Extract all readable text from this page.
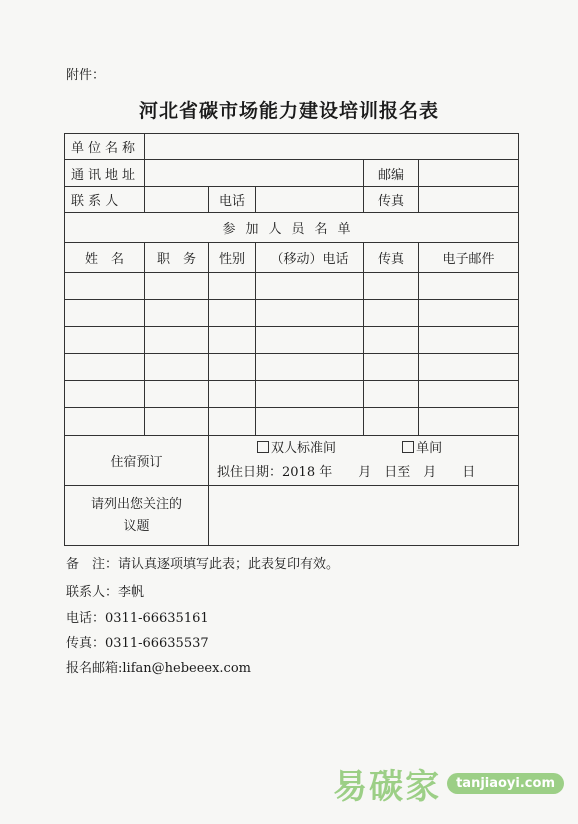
附件：
河北省碳市场能力建设培训报名表
单位名称					
通讯地址				邮编	
联 系 人		电话		传真	
参加人员名单					
姓　名	职　务	性别	（移动）电话	传真	电子邮件

住宿预订		双人标准间 单间
拟住日期：2018 年　　月　日至　月　　日			

请列出您关注的
议题					

备　注：请认真逐项填写此表；此表复印有效。
联系人：李帆
电话：0311-66635161
传真：0311-66635537
报名邮箱:lifan@hebeeex.com
易碳家	tanjiaoyi.com
